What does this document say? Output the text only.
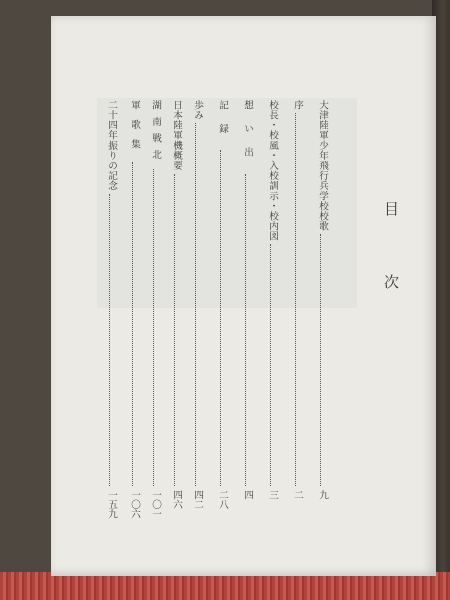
目 次
大津陸軍少年飛行兵学校校歌
九
序
二
校長・校風・入校訓示・校内図
三
想い出
四
記録
二八
歩み
四二
日本陸軍機概要
四六
湖南戦北
一〇一
軍歌集
一〇六
二十四年振りの記念
一五九
